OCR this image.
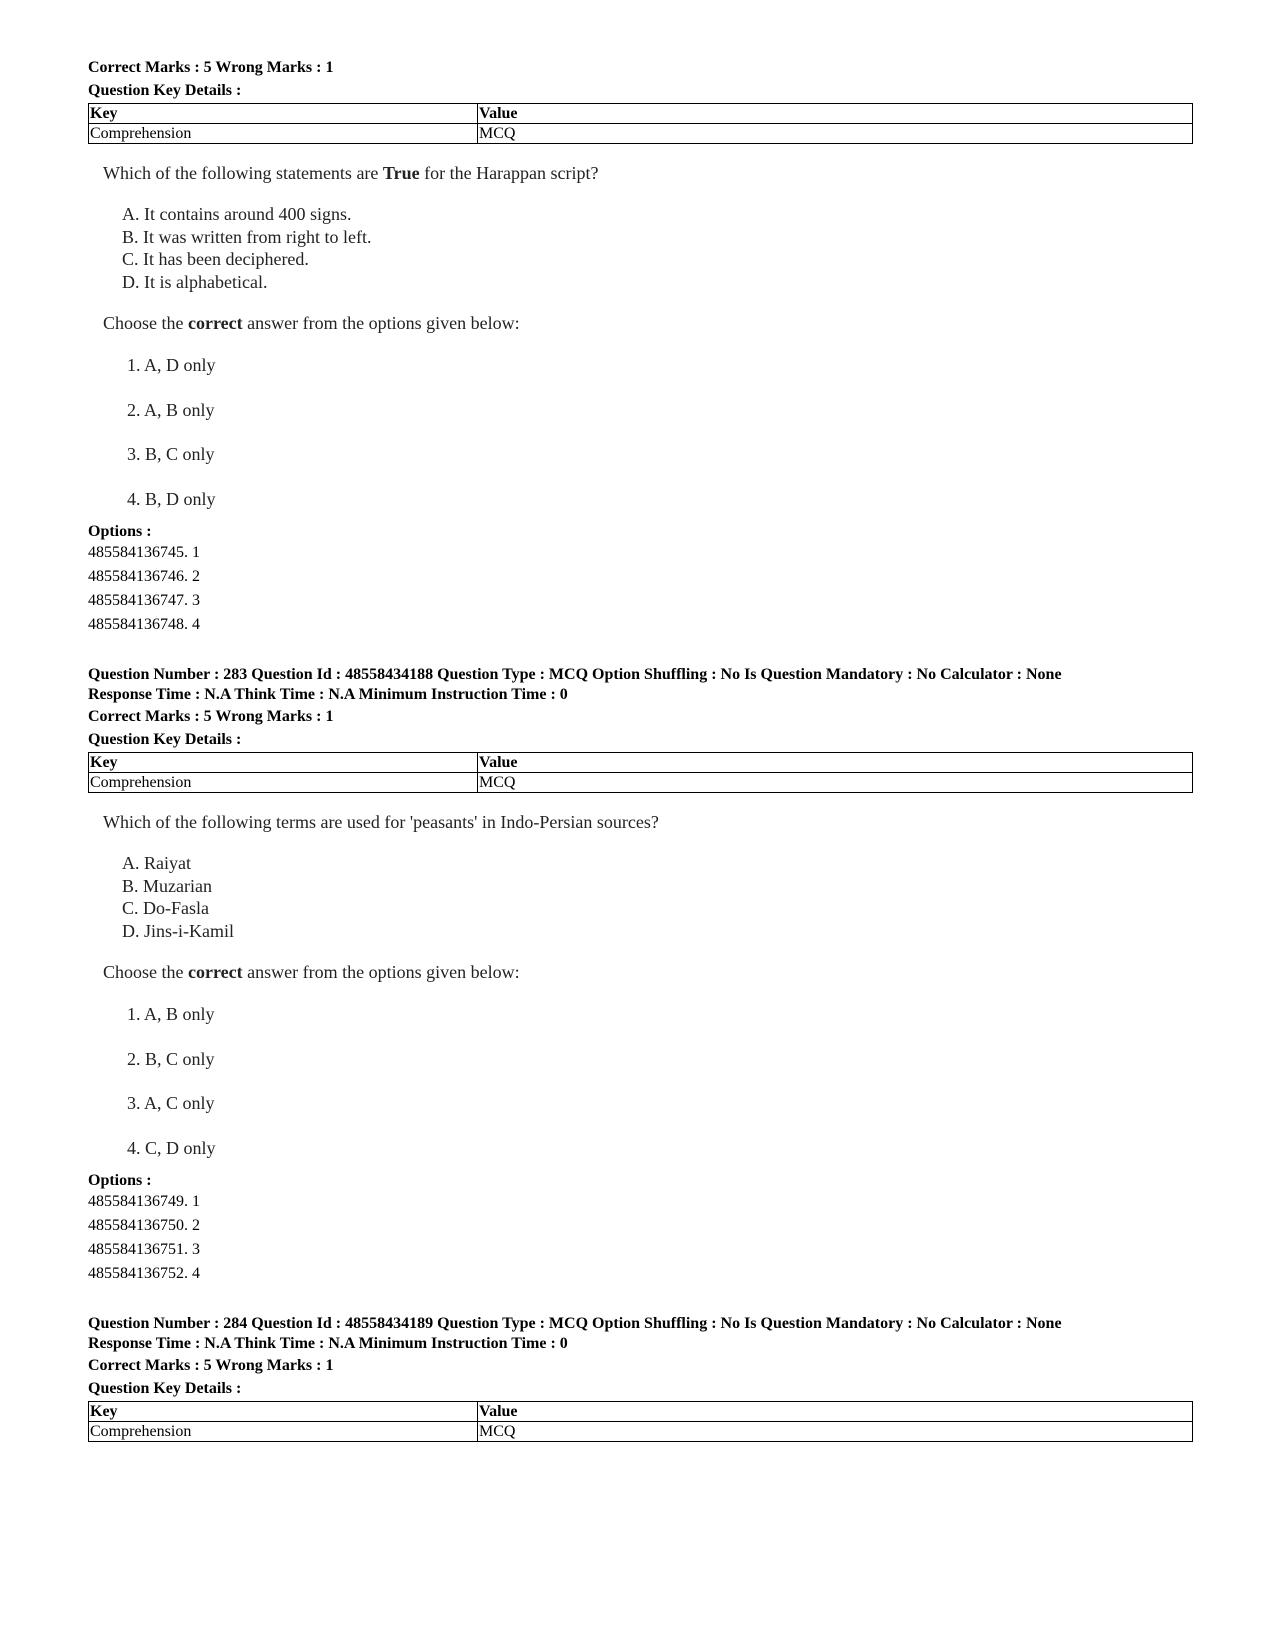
Correct Marks : 5 Wrong Marks : 1
Question Key Details :
Key	Value
Comprehension	MCQ
Which of the following statements are True for the Harappan script?
A. It contains around 400 signs.
B. It was written from right to left.
C. It has been deciphered.
D. It is alphabetical.
Choose the correct answer from the options given below:
1. A, D only
2. A, B only
3. B, C only
4. B, D only
Options :
485584136745. 1
485584136746. 2
485584136747. 3
485584136748. 4
Question Number : 283 Question Id : 48558434188 Question Type : MCQ Option Shuffling : No Is Question Mandatory : No Calculator : None
Response Time : N.A Think Time : N.A Minimum Instruction Time : 0
Correct Marks : 5 Wrong Marks : 1
Question Key Details :
Key	Value
Comprehension	MCQ
Which of the following terms are used for 'peasants' in Indo-Persian sources?
A. Raiyat
B. Muzarian
C. Do-Fasla
D. Jins-i-Kamil
Choose the correct answer from the options given below:
1. A, B only
2. B, C only
3. A, C only
4. C, D only
Options :
485584136749. 1
485584136750. 2
485584136751. 3
485584136752. 4
Question Number : 284 Question Id : 48558434189 Question Type : MCQ Option Shuffling : No Is Question Mandatory : No Calculator : None
Response Time : N.A Think Time : N.A Minimum Instruction Time : 0
Correct Marks : 5 Wrong Marks : 1
Question Key Details :
Key	Value
Comprehension	MCQ
